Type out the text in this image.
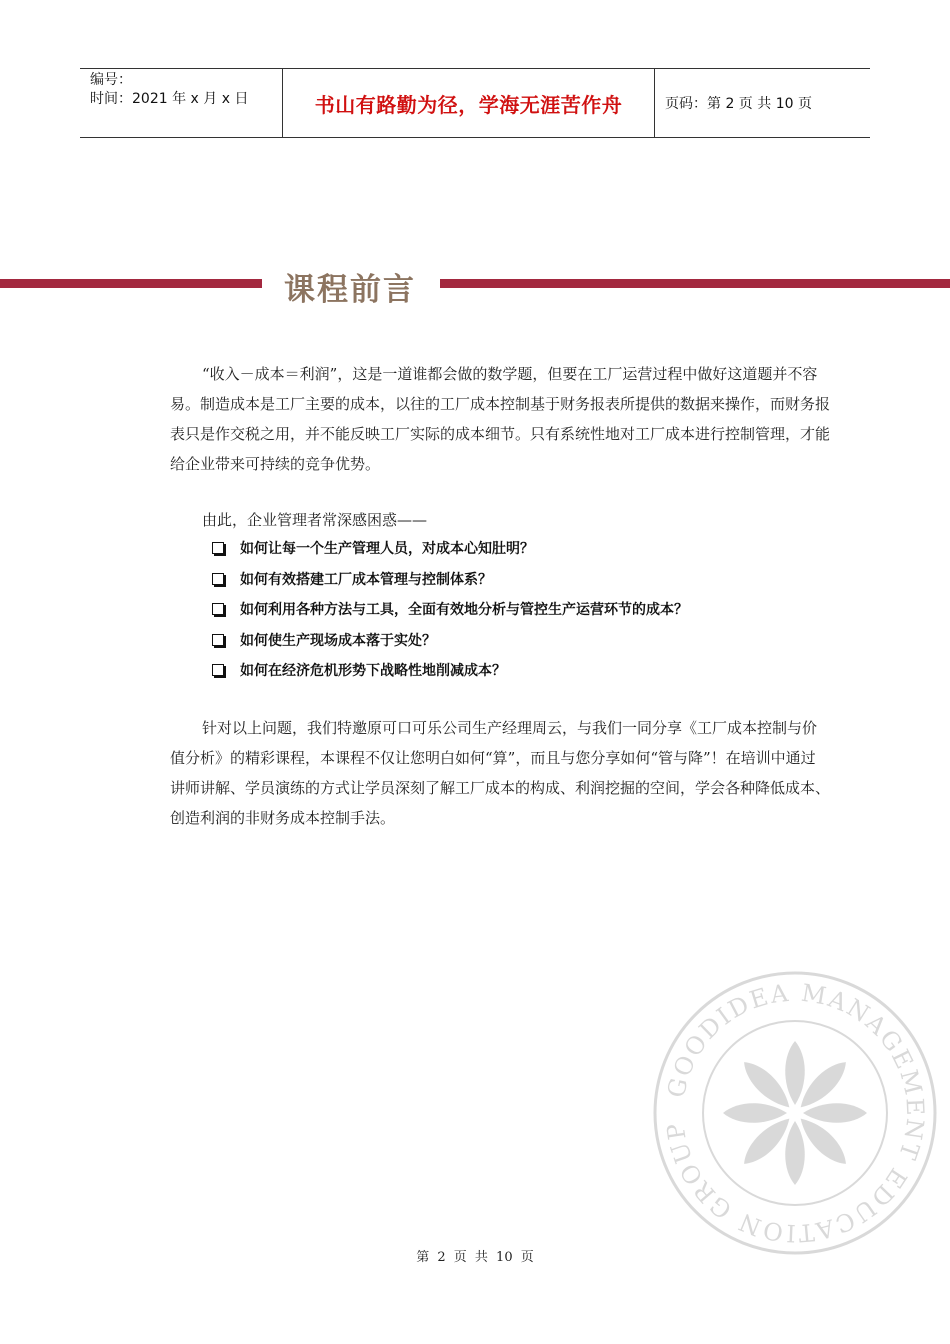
编号：
时间：2021 年 x 月 x 日	书山有路勤为径，学海无涯苦作舟	页码：第 2 页 共 10 页
课程前言

“收入－成本＝利润”，这是一道谁都会做的数学题，但要在工厂运营过程中做好这道题并不容易。制造成本是工厂主要的成本，以往的工厂成本控制基于财务报表所提供的数据来操作，而财务报表只是作交税之用，并不能反映工厂实际的成本细节。只有系统性地对工厂成本进行控制管理，才能给企业带来可持续的竞争优势。

由此，企业管理者常深感困惑——
如何让每一个生产管理人员，对成本心知肚明？
如何有效搭建工厂成本管理与控制体系？
如何利用各种方法与工具，全面有效地分析与管控生产运营环节的成本？
如何使生产现场成本落于实处？
如何在经济危机形势下战略性地削减成本？

针对以上问题，我们特邀原可口可乐公司生产经理周云，与我们一同分享《工厂成本控制与价值分析》的精彩课程，本课程不仅让您明白如何“算”，而且与您分享如何“管与降”！在培训中通过讲师讲解、学员演练的方式让学员深刻了解工厂成本的构成、利润挖掘的空间，学会各种降低成本、创造利润的非财务成本控制手法。

GOODIDEA MANAGEMENT EDUCATION GROUP
第 2 页 共 10 页
